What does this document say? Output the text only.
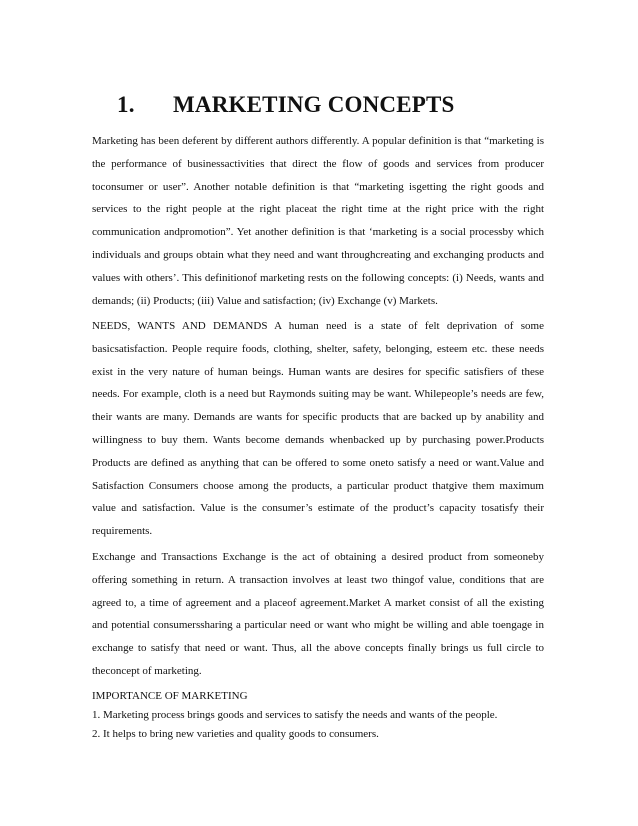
1. MARKETING CONCEPTS

Marketing has been deferent by different authors differently. A popular definition is that “marketing is the performance of businessactivities that direct the flow of goods and services from producer toconsumer or user”. Another notable definition is that “marketing isgetting the right goods and services to the right people at the right placeat the right time at the right price with the right communication andpromotion”. Yet another definition is that ‘marketing is a social processby which individuals and groups obtain what they need and want throughcreating and exchanging products and values with others’. This definitionof marketing rests on the following concepts: (i) Needs, wants and demands; (ii) Products; (iii) Value and satisfaction; (iv) Exchange (v) Markets.

NEEDS, WANTS AND DEMANDS A human need is a state of felt deprivation of some basicsatisfaction. People require foods, clothing, shelter, safety, belonging, esteem etc. these needs exist in the very nature of human beings. Human wants are desires for specific satisfiers of these needs. For example, cloth is a need but Raymonds suiting may be want. Whilepeople’s needs are few, their wants are many. Demands are wants for specific products that are backed up by anability and willingness to buy them. Wants become demands whenbacked up by purchasing power.Products Products are defined as anything that can be offered to some oneto satisfy a need or want.Value and Satisfaction Consumers choose among the products, a particular product thatgive them maximum value and satisfaction. Value is the consumer’s estimate of the product’s capacity tosatisfy their requirements.

Exchange and Transactions Exchange is the act of obtaining a desired product from someoneby offering something in return. A transaction involves at least two thingof value, conditions that are agreed to, a time of agreement and a placeof agreement.Market A market consist of all the existing and potential consumerssharing a particular need or want who might be willing and able toengage in exchange to satisfy that need or want. Thus, all the above concepts finally brings us full circle to theconcept of marketing.

IMPORTANCE OF MARKETING

1. Marketing process brings goods and services to satisfy the needs and wants of the people.

2. It helps to bring new varieties and quality goods to consumers.
